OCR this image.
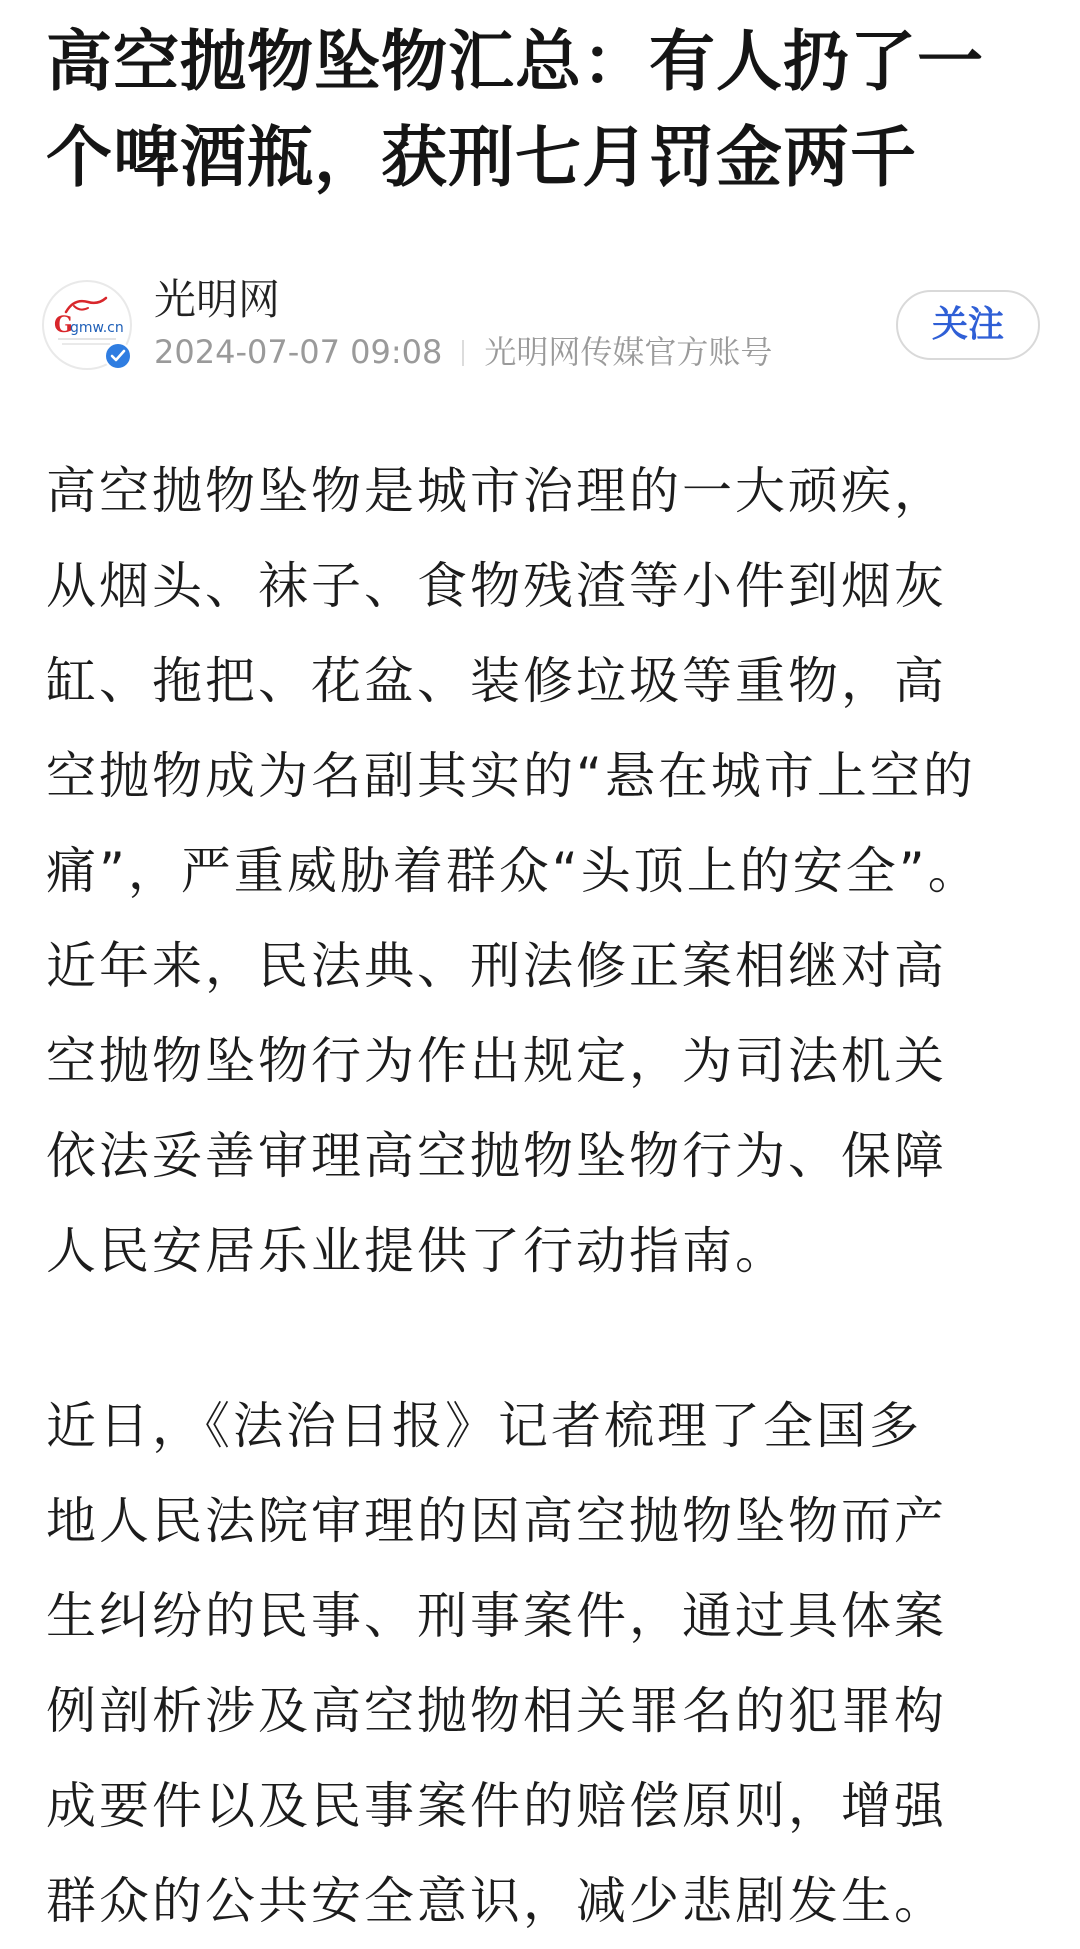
高空抛物坠物汇总：有人扔了一
个啤酒瓶，获刑七月罚金两千
G
gmw.cn
光明网
2024-07-07 09:08 光明网传媒官方账号
关注

高空抛物坠物是城市治理的一大顽疾，
从烟头、袜子、食物残渣等小件到烟灰
缸、拖把、花盆、装修垃圾等重物，高
空抛物成为名副其实的“悬在城市上空的
痛”，严重威胁着群众“头顶上的安全”。
近年来，民法典、刑法修正案相继对高
空抛物坠物行为作出规定，为司法机关
依法妥善审理高空抛物坠物行为、保障
人民安居乐业提供了行动指南。

近日，《法治日报》记者梳理了全国多
地人民法院审理的因高空抛物坠物而产
生纠纷的民事、刑事案件，通过具体案
例剖析涉及高空抛物相关罪名的犯罪构
成要件以及民事案件的赔偿原则，增强
群众的公共安全意识，减少悲剧发生。
